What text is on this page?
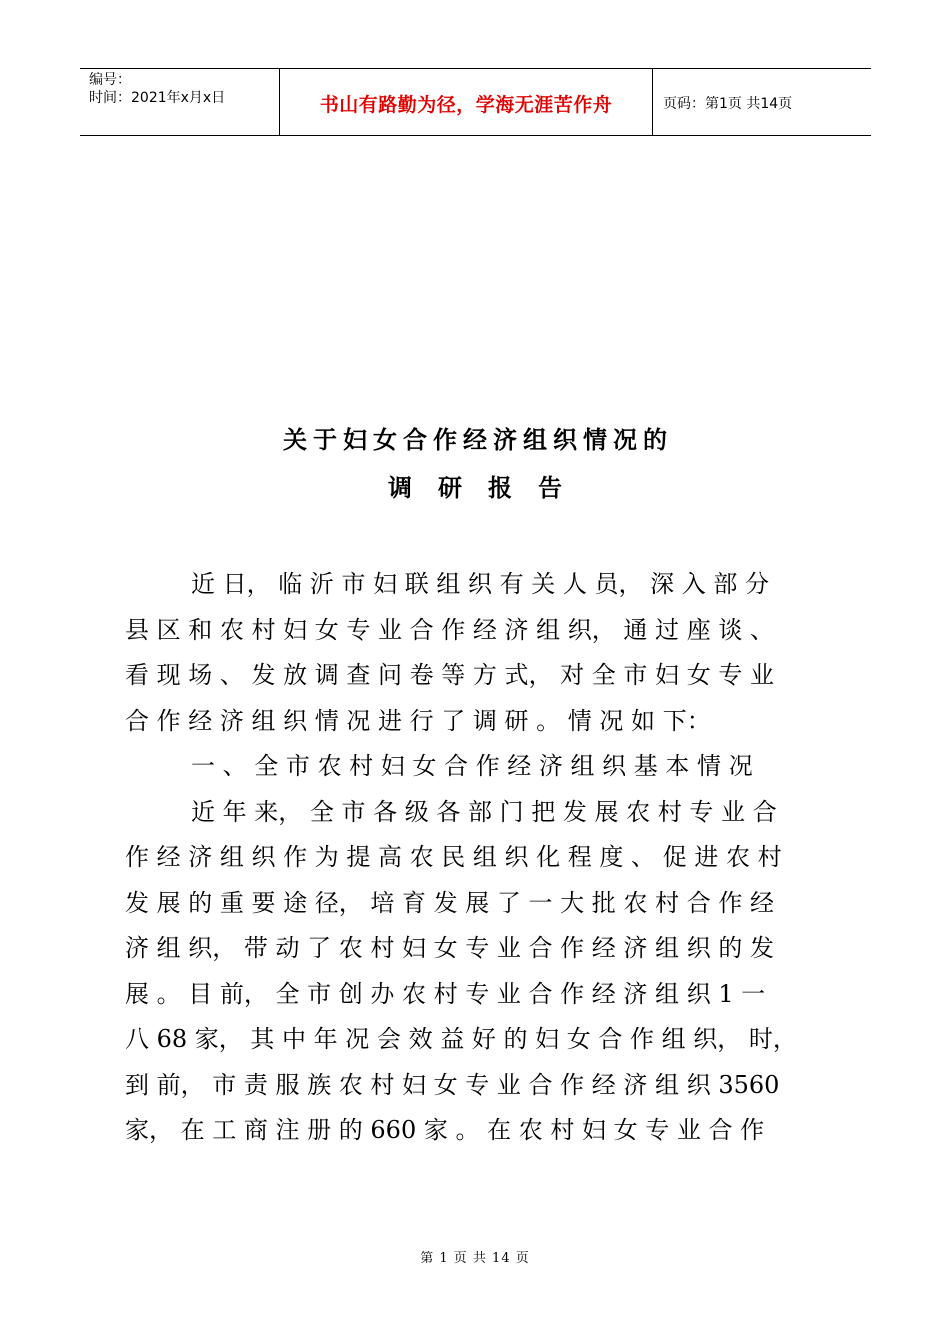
编号：
时间：2021年x月x日	书山有路勤为径，学海无涯苦作舟	页码：第1页 共14页
关于妇女合作经济组织情况的
调研报告
近 日， 临 沂 市 妇 联 组 织 有 关 人 员， 深 入 部 分
县 区 和 农 村 妇 女 专 业 合 作 经 济 组 织， 通 过 座 谈 、
看 现 场 、 发 放 调 查 问 卷 等 方 式， 对 全 市 妇 女 专 业
合 作 经 济 组 织 情 况 进 行 了 调 研 。 情 况 如 下：
一 、 全 市 农 村 妇 女 合 作 经 济 组 织 基 本 情 况
近 年 来， 全 市 各 级 各 部 门 把 发 展 农 村 专 业 合
作 经 济 组 织 作 为 提 高 农 民 组 织 化 程 度 、 促 进 农 村
发 展 的 重 要 途 径， 培 育 发 展 了 一 大 批 农 村 合 作 经
济 组 织， 带 动 了 农 村 妇 女 专 业 合 作 经 济 组 织 的 发
展 。 目 前， 全 市 创 办 农 村 专 业 合 作 经 济 组 织 1 一
八 68 家， 其 中 年 况 会 效 益 好 的 妇 女 合 作 组 织， 时，
到 前， 市 责 服 族 农 村 妇 女 专 业 合 作 经 济 组 织 3560
家， 在 工 商 注 册 的 660 家 。 在 农 村 妇 女 专 业 合 作
第 1 页 共 14 页
